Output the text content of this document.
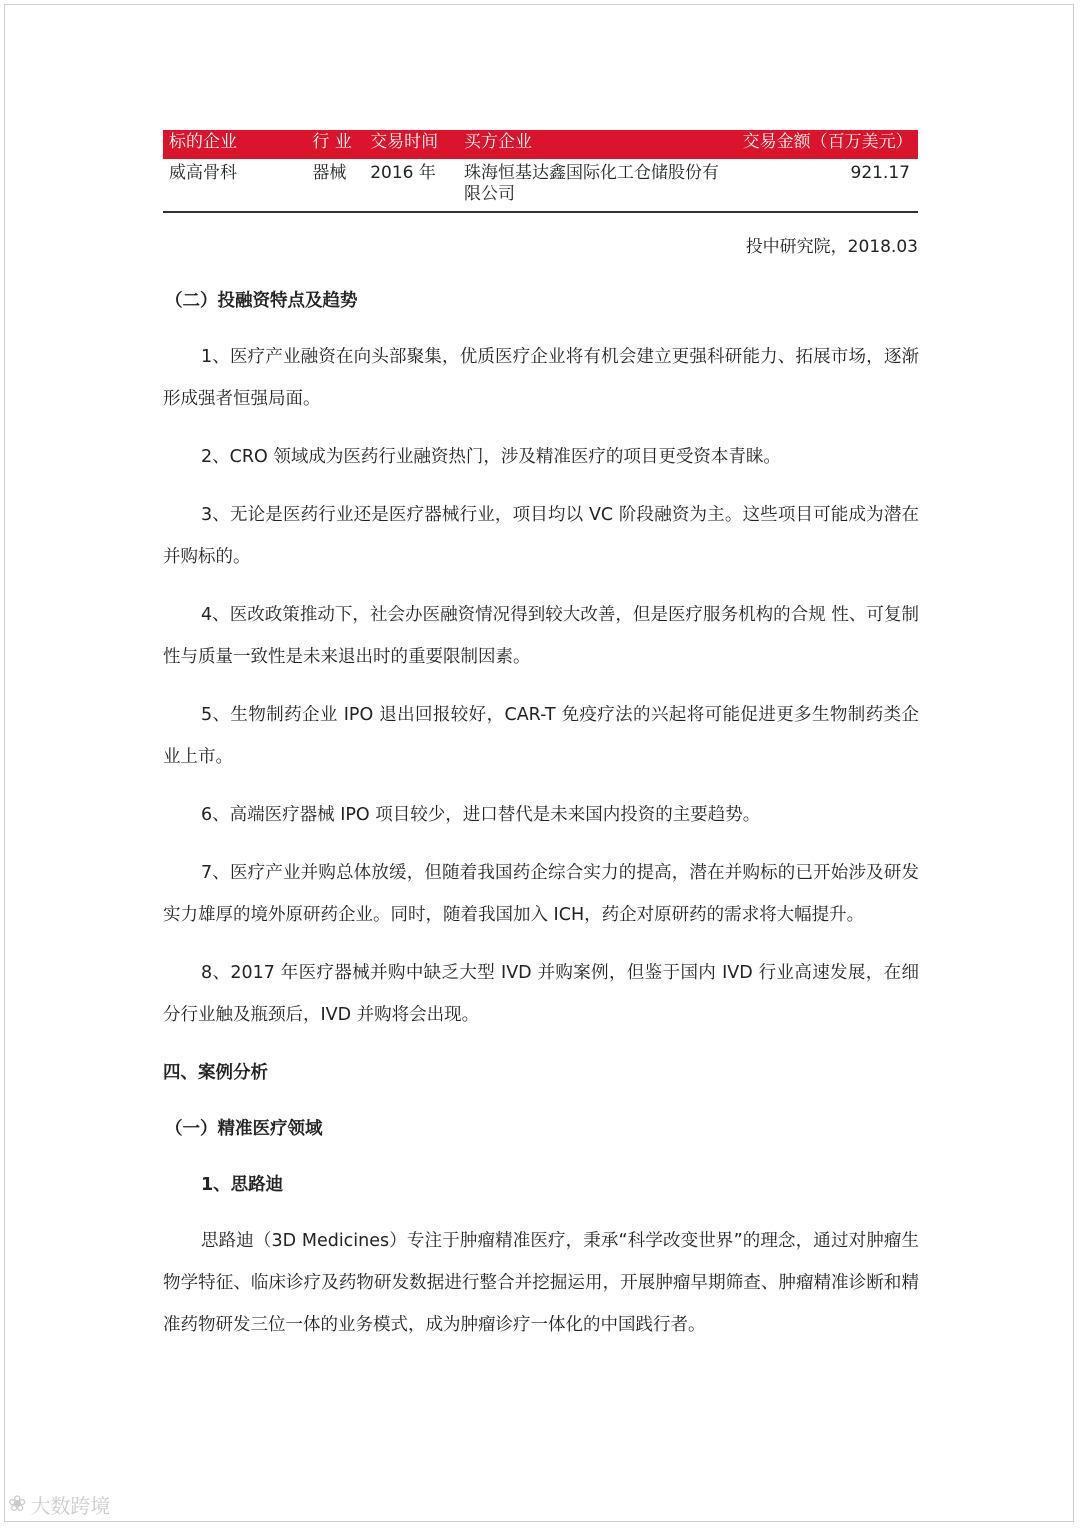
标的企业	行 业	交易时间	买方企业	交易金额（百万美元）
威高骨科	器械	2016 年	珠海恒基达鑫国际化工仓储股份有限公司	921.17
投中研究院，2018.03
（二）投融资特点及趋势

1、医疗产业融资在向头部聚集，优质医疗企业将有机会建立更强科研能力、拓展市场，逐渐形成强者恒强局面。

2、CRO 领域成为医药行业融资热门，涉及精准医疗的项目更受资本青睐。

3、无论是医药行业还是医疗器械行业，项目均以 VC 阶段融资为主。这些项目可能成为潜在并购标的。

4、医改政策推动下，社会办医融资情况得到较大改善，但是医疗服务机构的合规 性、可复制性与质量一致性是未来退出时的重要限制因素。

5、生物制药企业 IPO 退出回报较好，CAR-T 免疫疗法的兴起将可能促进更多生物制药类企业上市。

6、高端医疗器械 IPO 项目较少，进口替代是未来国内投资的主要趋势。

7、医疗产业并购总体放缓，但随着我国药企综合实力的提高，潜在并购标的已开始涉及研发实力雄厚的境外原研药企业。同时，随着我国加入 ICH，药企对原研药的需求将大幅提升。

8、2017 年医疗器械并购中缺乏大型 IVD 并购案例，但鉴于国内 IVD 行业高速发展，在细分行业触及瓶颈后，IVD 并购将会出现。

四、案例分析
（一）精准医疗领域
1、思路迪

思路迪（3D Medicines）专注于肿瘤精准医疗，秉承“科学改变世界”的理念，通过对肿瘤生物学特征、临床诊疗及药物研发数据进行整合并挖掘运用，开展肿瘤早期筛查、肿瘤精准诊断和精准药物研发三位一体的业务模式，成为肿瘤诊疗一体化的中国践行者。

❀ 大数跨境
